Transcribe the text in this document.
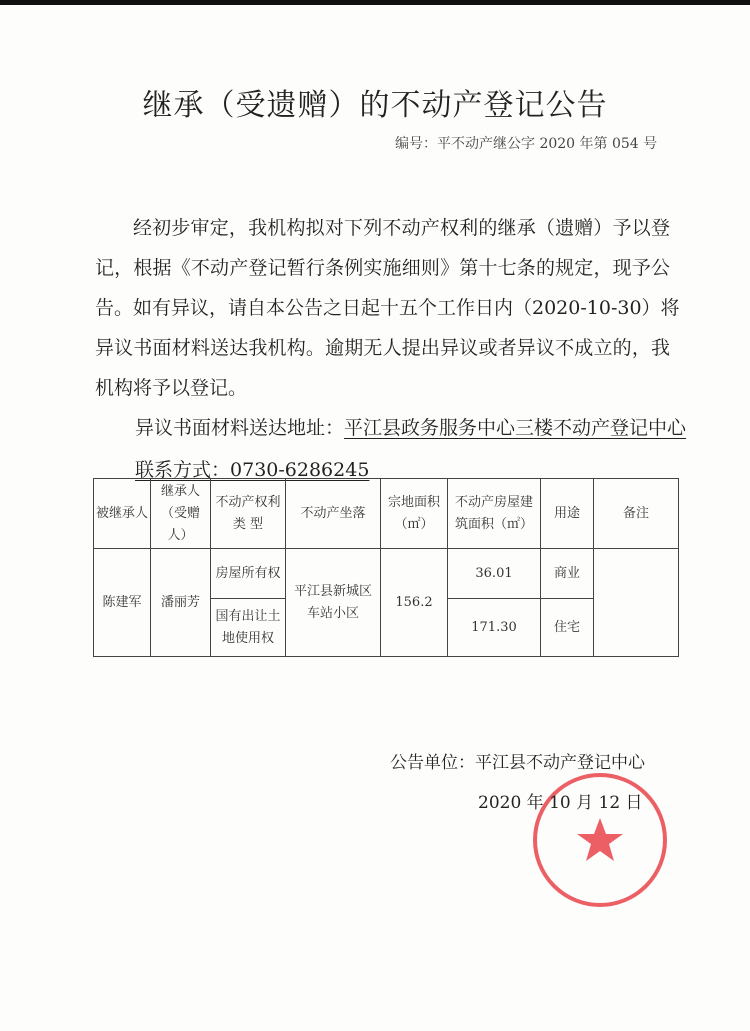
继承（受遗赠）的不动产登记公告
编号：平不动产继公字 2020 年第 054 号
经初步审定，我机构拟对下列不动产权利的继承（遗赠）予以登
记，根据《不动产登记暂行条例实施细则》第十七条的规定，现予公
告。如有异议，请自本公告之日起十五个工作日内（2020-10-30）将
异议书面材料送达我机构。逾期无人提出异议或者异议不成立的，我
机构将予以登记。
异议书面材料送达地址：平江县政务服务中心三楼不动产登记中心
联系方式：0730-6286245
被继承人	继承人（受赠人）	不动产权利类 型	不动产坐落	宗地面积（㎡）	不动产房屋建筑面积（㎡）	用途	备注
陈建军	潘丽芳	房屋所有权	平江县新城区车站小区	156.2	36.01	商业	
		国有出让土地使用权			171.30	住宅	
公告单位：平江县不动产登记中心
2020 年 10 月 12 日
